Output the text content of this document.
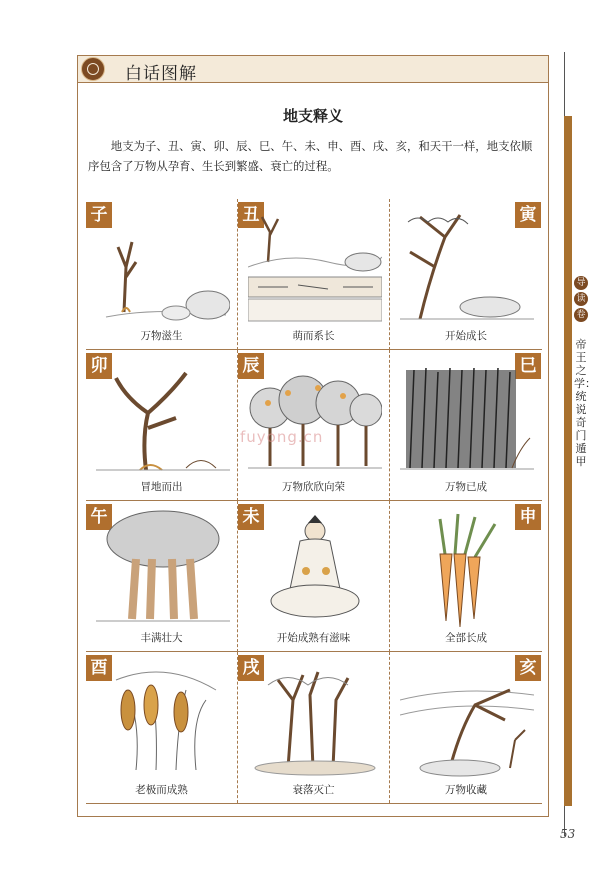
白话图解
地支释义

地支为子、丑、寅、卯、辰、巳、午、未、申、酉、戌、亥，和天干一样，地支依顺序包含了万物从孕育、生长到繁盛、衰亡的过程。

子
万物滋生
丑
萌而系长
寅
开始成长
卯
冒地而出
辰
万物欣欣向荣
巳
万物已成
午
丰满壮大
未
开始成熟有滋味
申
全部长成
酉
老极而成熟
戌
衰落灭亡
亥
万物收藏
fuyong.cn
导
读
卷
帝王之学：统说奇门遁甲
53
